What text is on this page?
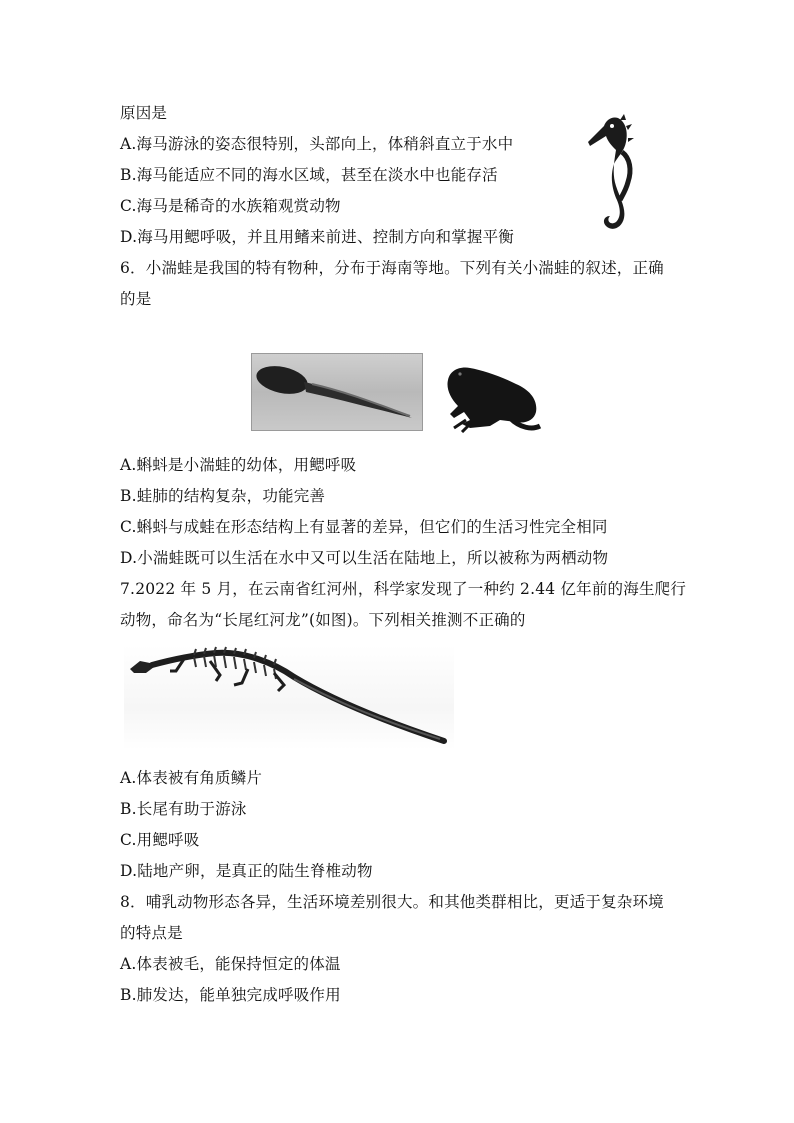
原因是
A.海马游泳的姿态很特别，头部向上，体稍斜直立于水中
B.海马能适应不同的海水区域，甚至在淡水中也能存活
C.海马是稀奇的水族箱观赏动物
D.海马用鳃呼吸，并且用鳍来前进、控制方向和掌握平衡
6．小湍蛙是我国的特有物种，分布于海南等地。下列有关小湍蛙的叙述，正确
的是
A.蝌蚪是小湍蛙的幼体，用鳃呼吸
B.蛙肺的结构复杂，功能完善
C.蝌蚪与成蛙在形态结构上有显著的差异，但它们的生活习性完全相同
D.小湍蛙既可以生活在水中又可以生活在陆地上，所以被称为两栖动物
7.2022 年 5 月，在云南省红河州，科学家发现了一种约 2.44 亿年前的海生爬行
动物，命名为“长尾红河龙”(如图)。下列相关推测不正确的
A.体表被有角质鳞片
B.长尾有助于游泳
C.用鳃呼吸
D.陆地产卵，是真正的陆生脊椎动物
8．哺乳动物形态各异，生活环境差别很大。和其他类群相比，更适于复杂环境
的特点是
A.体表被毛，能保持恒定的体温
B.肺发达，能单独完成呼吸作用
